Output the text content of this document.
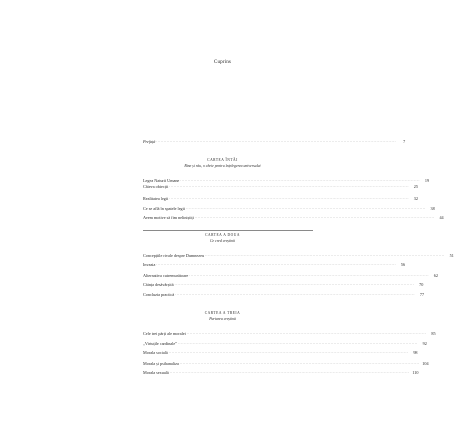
Cuprins
Prefață ................................................................................................................................................................	7
CARTEA ÎNTÂI
Bine și rău, o cheie pentru înțelegerea universului
Legea Naturii Umane ................................................................................................................................................................	19
Câteva obiecții ................................................................................................................................................................	25
Realitatea legii ................................................................................................................................................................	32
Ce se află în spatele legii ................................................................................................................................................................	38
Avem motive să fim neliniștiți ................................................................................................................................................................	44
CARTEA A DOUA
Ce cred creștinii
Concepțiile rivale despre Dumnezeu ................................................................................................................................................................	51
Invazia ................................................................................................................................................................	56
Alternativa cutremurătoare ................................................................................................................................................................	62
Căința desăvârșită ................................................................................................................................................................	70
Concluzia practică ................................................................................................................................................................	77
CARTEA A TREIA
Purtarea creștină
Cele trei părți ale moralei ................................................................................................................................................................	85
„Virtuțile cardinale” ................................................................................................................................................................	92
Morala socială ................................................................................................................................................................	98
Morala și psihanaliza ................................................................................................................................................................ 104
Morala sexuală ................................................................................................................................................................ 110
